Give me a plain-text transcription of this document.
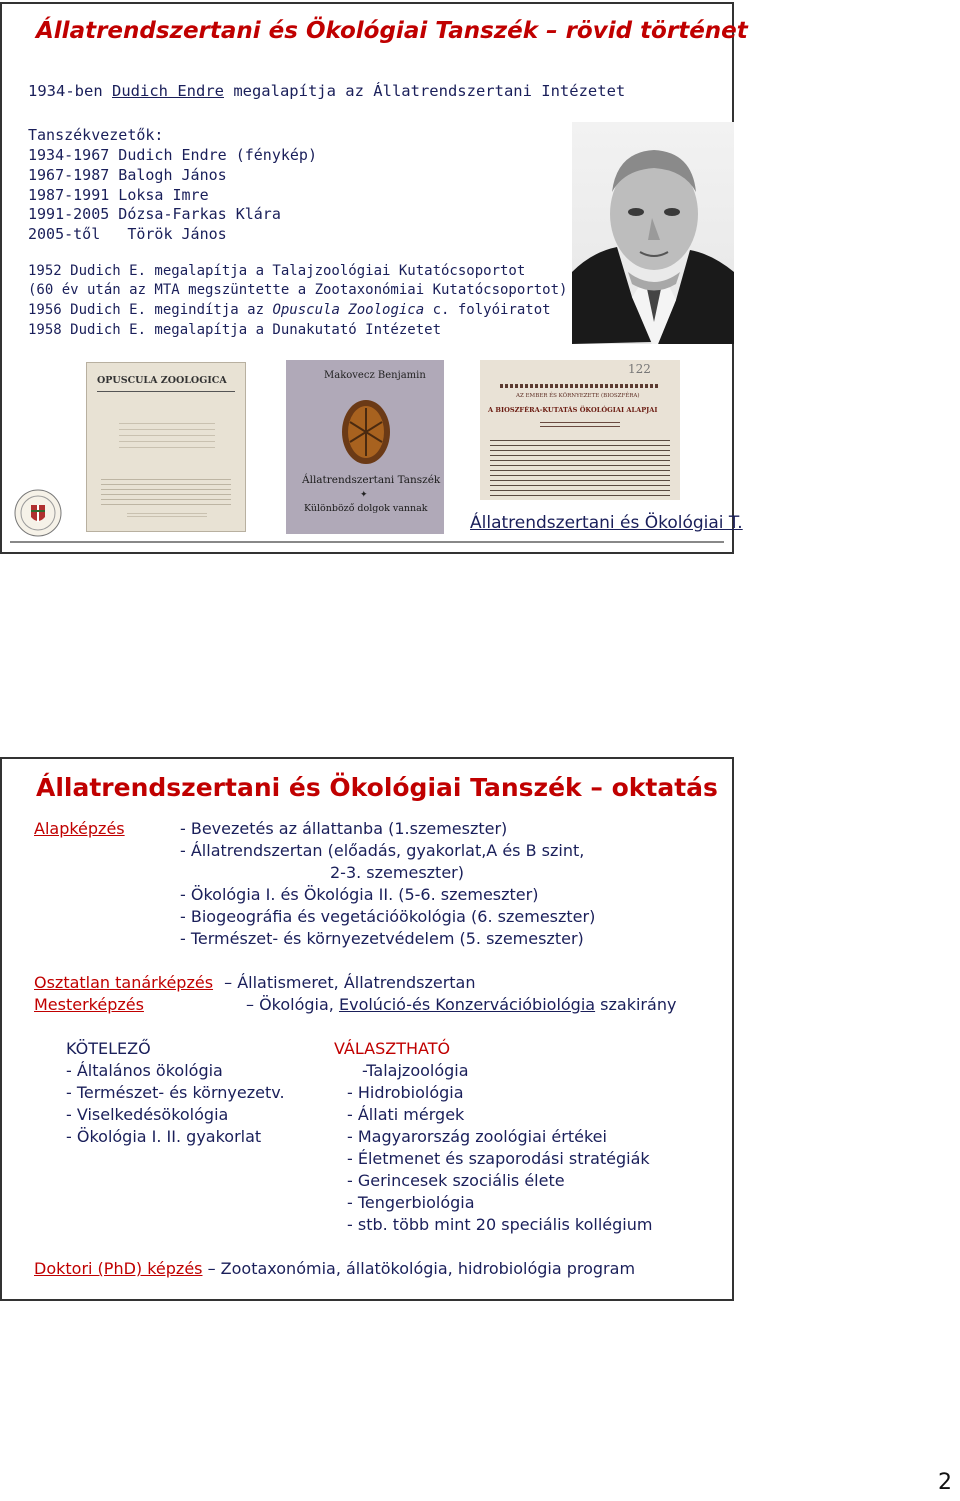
Állatrendszertani és Ökológiai Tanszék – rövid történet
1934-ben Dudich Endre megalapítja az Állatrendszertani Intézetet
Tanszékvezetők:
1934-1967 Dudich Endre (fénykép)
1967-1987 Balogh János
1987-1991 Loksa Imre
1991-2005 Dózsa-Farkas Klára
2005-től   Török János
1952 Dudich E. megalapítja a Talajzoológiai Kutatócsoportot
(60 év után az MTA megszüntette a Zootaxonómiai Kutatócsoportot)
1956 Dudich E. megindítja az Opuscula Zoologica c. folyóiratot
1958 Dudich E. megalapítja a Dunakutató Intézetet
OPUSCULA ZOOLOGICA	Makovecz Benjamin
Állatrendszertani Tanszék
✦
Különböző dolgok vannak
122
AZ EMBER ÉS KÖRNYEZETE (BIOSZFÉRA)
A BIOSZFÉRA-KUTATÁS ÖKOLÓGIAI ALAPJAI
Állatrendszertani és Ökológiai T.
Állatrendszertani és Ökológiai Tanszék – oktatás
Alapképzés	- Bevezetés az állattanba (1.szemeszter)
- Állatrendszertan (előadás, gyakorlat,A és B szint,
2-3. szemeszter)
- Ökológia I. és Ökológia II. (5-6. szemeszter)
- Biogeográfia és vegetációökológia (6. szemeszter)
- Természet- és környezetvédelem (5. szemeszter)
Osztatlan tanárképzés – Állatismeret, Állatrendszertan
Mesterképzés	– Ökológia, Evolúció-és Konzervációbiológia szakirány
KÖTELEZŐ	VÁLASZTHATÓ
- Általános ökológia
- Természet- és környezetv.
- Viselkedésökológia
- Ökológia I. II. gyakorlat
-Talajzoológia
- Hidrobiológia
- Állati mérgek
- Magyarország zoológiai értékei
- Életmenet és szaporodási stratégiák
- Gerincesek szociális élete
- Tengerbiológia
- stb. több mint 20 speciális kollégium
Doktori (PhD) képzés – Zootaxonómia, állatökológia, hidrobiológia program
2
